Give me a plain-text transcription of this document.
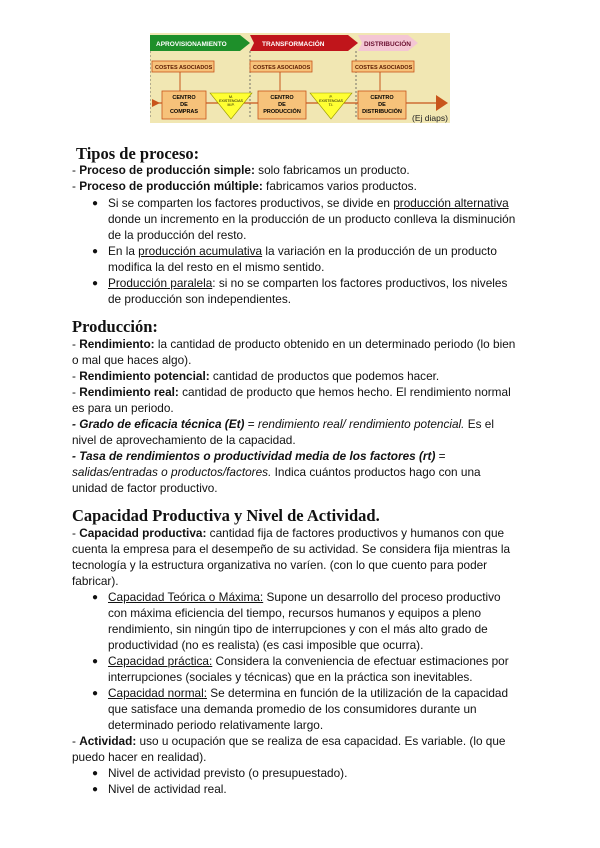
APROVISIONAMIENTO	TRANSFORMACIÓN	DISTRIBUCIÓN
COSTES ASOCIADOS	COSTES ASOCIADOS	COSTES ASOCIADOS
CENTRO
DE
COMPRAS
CENTRO
DE
PRODUCCIÓN
CENTRO
DE
DISTRIBUCIÓN
M.
EXISTENCIAS
M.P.
P.
EXISTENCIAS
T.I.
(Ej diaps)
Tipos de proceso:
- Proceso de producción simple: solo fabricamos un producto.
- Proceso de producción múltiple: fabricamos varios productos.
● Si se comparten los factores productivos, se divide en producción alternativa
donde un incremento en la producción de un producto conlleva la disminución
de la producción del resto.
● En la producción acumulativa la variación en la producción de un producto
modifica la del resto en el mismo sentido.
● Producción paralela: si no se comparten los factores productivos, los niveles
de producción son independientes.
Producción:
- Rendimiento: la cantidad de producto obtenido en un determinado periodo (lo bien
o mal que haces algo).
- Rendimiento potencial: cantidad de productos que podemos hacer.
- Rendimiento real: cantidad de producto que hemos hecho. El rendimiento normal
es para un periodo.
- Grado de eficacia técnica (Et) = rendimiento real/ rendimiento potencial. Es el
nivel de aprovechamiento de la capacidad.
- Tasa de rendimientos o productividad media de los factores (rt) =
salidas/entradas o productos/factores. Indica cuántos productos hago con una
unidad de factor productivo.
Capacidad Productiva y Nivel de Actividad.
- Capacidad productiva: cantidad fija de factores productivos y humanos con que
cuenta la empresa para el desempeño de su actividad. Se considera fija mientras la
tecnología y la estructura organizativa no varíen. (con lo que cuento para poder
fabricar).
● Capacidad Teórica o Máxima: Supone un desarrollo del proceso productivo
con máxima eficiencia del tiempo, recursos humanos y equipos a pleno
rendimiento, sin ningún tipo de interrupciones y con el más alto grado de
productividad (no es realista) (es casi imposible que ocurra).
● Capacidad práctica: Considera la conveniencia de efectuar estimaciones por
interrupciones (sociales y técnicas) que en la práctica son inevitables.
● Capacidad normal: Se determina en función de la utilización de la capacidad
que satisface una demanda promedio de los consumidores durante un
determinado periodo relativamente largo.
- Actividad: uso u ocupación que se realiza de esa capacidad. Es variable. (lo que
puedo hacer en realidad).
● Nivel de actividad previsto (o presupuestado).
● Nivel de actividad real.
